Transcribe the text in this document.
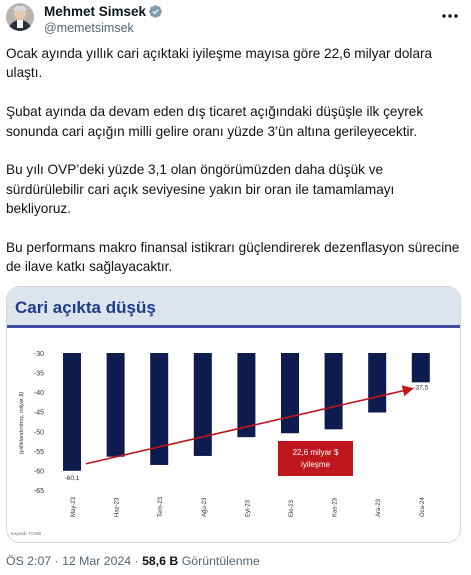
Mehmet Simsek
@memetsimsek

Ocak ayında yıllık cari açıktaki iyileşme mayısa göre 22,6 milyar dolara ulaştı.

Şubat ayında da devam eden dış ticaret açığındaki düşüşle ilk çeyrek sonunda cari açığın milli gelire oranı yüzde 3’ün altına gerileyecektir.

Bu yılı OVP’deki yüzde 3,1 olan öngörümüzden daha düşük ve sürdürülebilir cari açık seviyesine yakın bir oran ile tamamlamayı bekliyoruz.

Bu performans makro finansal istikrarı güçlendirerek dezenflasyon sürecine de ilave katkı sağlayacaktır.

Cari açıkta düşüş
-30
-35
-40
-45
-50
-55
-60
-65
(yıllıklandırılmış, milyar $)
May-23	Haz-23	Tem-23	Ağu-23	Eyl-23	Eki-23	Kas-23	Ara-23	Oca-24
-60,1
-37,5
22,6 milyar $
iyileşme
Kaynak: TCMB
ÖS 2:07 · 12 Mar 2024 · 58,6 B Görüntülenme
